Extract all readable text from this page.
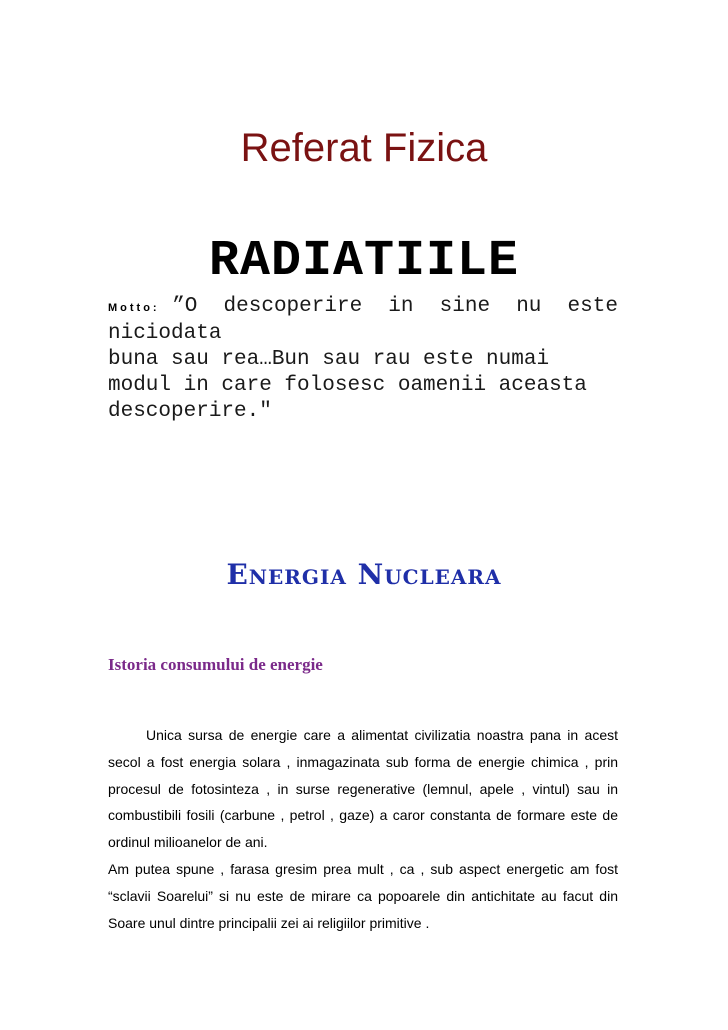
Referat Fizica
RADIATIILE
Motto: ”O descoperire in sine nu este
niciodata
buna sau rea…Bun sau rau este numai
modul in care folosesc oamenii aceasta
descoperire."
Energia Nucleara
Istoria consumului de energie

Unica sursa de energie care a alimentat civilizatia noastra pana in acest secol a fost energia solara , inmagazinata sub forma de energie chimica , prin procesul de fotosinteza , in surse regenerative (lemnul, apele , vintul) sau in combustibili fosili (carbune , petrol , gaze) a caror constanta de formare este de ordinul milioanelor de ani.

Am putea spune , farasa gresim prea mult , ca , sub aspect energetic am fost “sclavii Soarelui” si nu este de mirare ca popoarele din antichitate au facut din Soare unul dintre principalii zei ai religiilor primitive .
